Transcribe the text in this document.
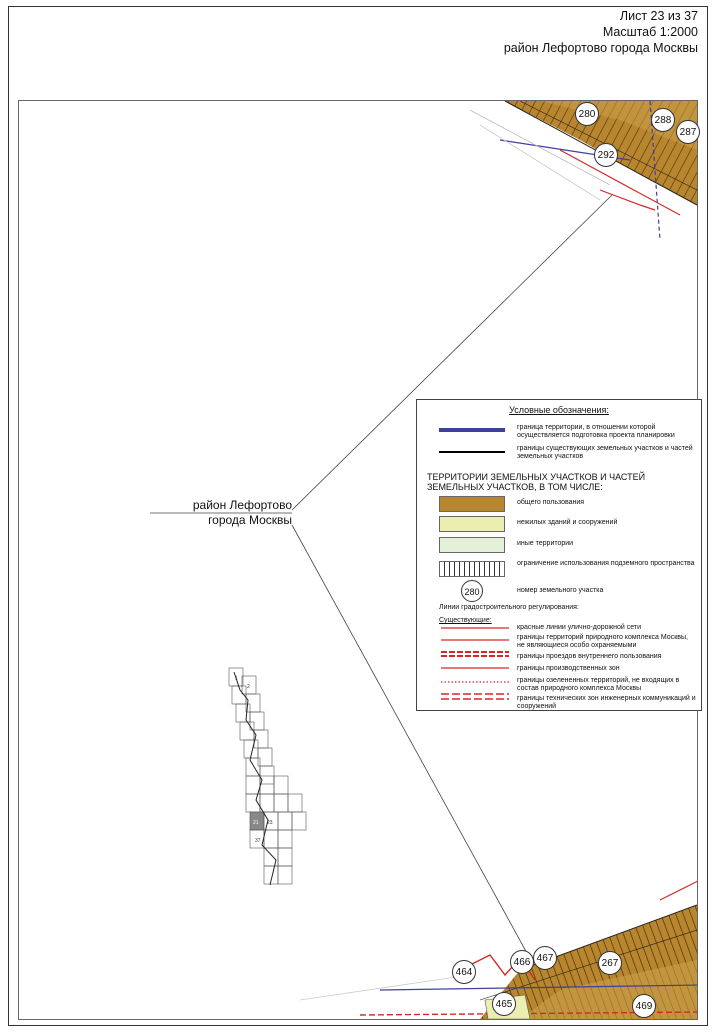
Лист 23 из 37
Масштаб 1:2000
район Лефортово города Москвы
1
2
21 23
37
280
288
287
292
464
466 467	267
465	469
район Лефортово
города Москвы
Условные обозначения:
граница территории, в отношении которой осуществляется подготовка проекта планировки
границы существующих земельных участков и частей земельных участков
ТЕРРИТОРИИ ЗЕМЕЛЬНЫХ УЧАСТКОВ И ЧАСТЕЙ ЗЕМЕЛЬНЫХ УЧАСТКОВ, В ТОМ ЧИСЛЕ:
общего пользования
нежилых зданий и сооружений
иные территории
ограничение использования подземного пространства
280	номер земельного участка
Линии градостроительного регулирования:
Существующие:
красные линии улично-дорожной сети
границы территорий природного комплекса Москвы, не являющиеся особо охраняемыми
границы проездов внутреннего пользования
границы производственных зон
границы озелененных территорий, не входящих в состав природного комплекса Москвы
границы технических зон инженерных коммуникаций и сооружений
